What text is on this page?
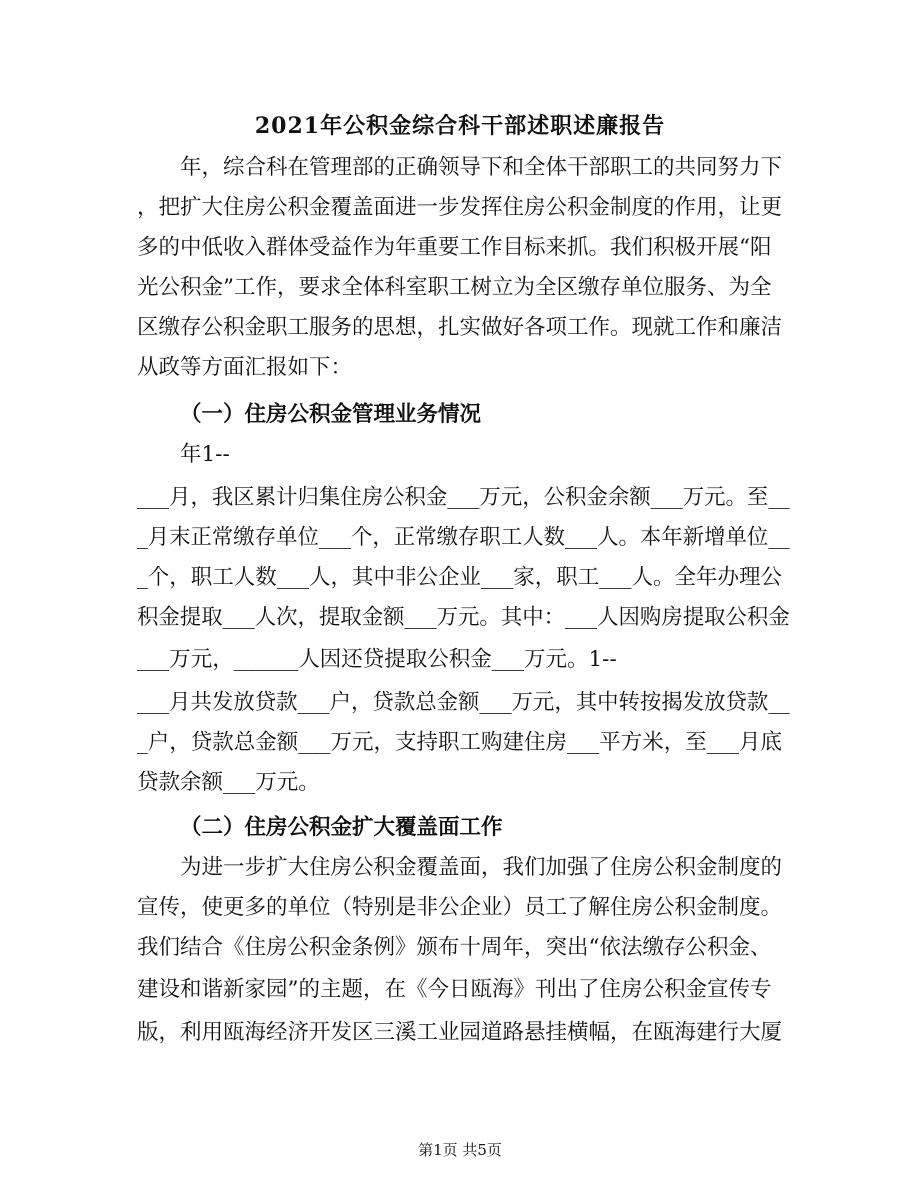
2021年公积金综合科干部述职述廉报告
年，综合科在管理部的正确领导下和全体干部职工的共同努力下
，把扩大住房公积金覆盖面进一步发挥住房公积金制度的作用，让更
多的中低收入群体受益作为年重要工作目标来抓。我们积极开展“阳
光公积金”工作，要求全体科室职工树立为全区缴存单位服务、为全
区缴存公积金职工服务的思想，扎实做好各项工作。现就工作和廉洁
从政等方面汇报如下：
（一）住房公积金管理业务情况
年1--
___月，我区累计归集住房公积金___万元，公积金余额___万元。至__
_月末正常缴存单位___个，正常缴存职工人数___人。本年新增单位__
_个，职工人数___人，其中非公企业___家，职工___人。全年办理公
积金提取___人次，提取金额___万元。其中：___人因购房提取公积金
___万元，______人因还贷提取公积金___万元。1--
___月共发放贷款___户，贷款总金额___万元，其中转按揭发放贷款__
_户，贷款总金额___万元，支持职工购建住房___平方米，至___月底
贷款余额___万元。
（二）住房公积金扩大覆盖面工作
为进一步扩大住房公积金覆盖面，我们加强了住房公积金制度的
宣传，使更多的单位（特别是非公企业）员工了解住房公积金制度。
我们结合《住房公积金条例》颁布十周年，突出“依法缴存公积金、
建设和谐新家园”的主题，在《今日瓯海》刊出了住房公积金宣传专
版，利用瓯海经济开发区三溪工业园道路悬挂横幅，在瓯海建行大厦
第1页 共5页
